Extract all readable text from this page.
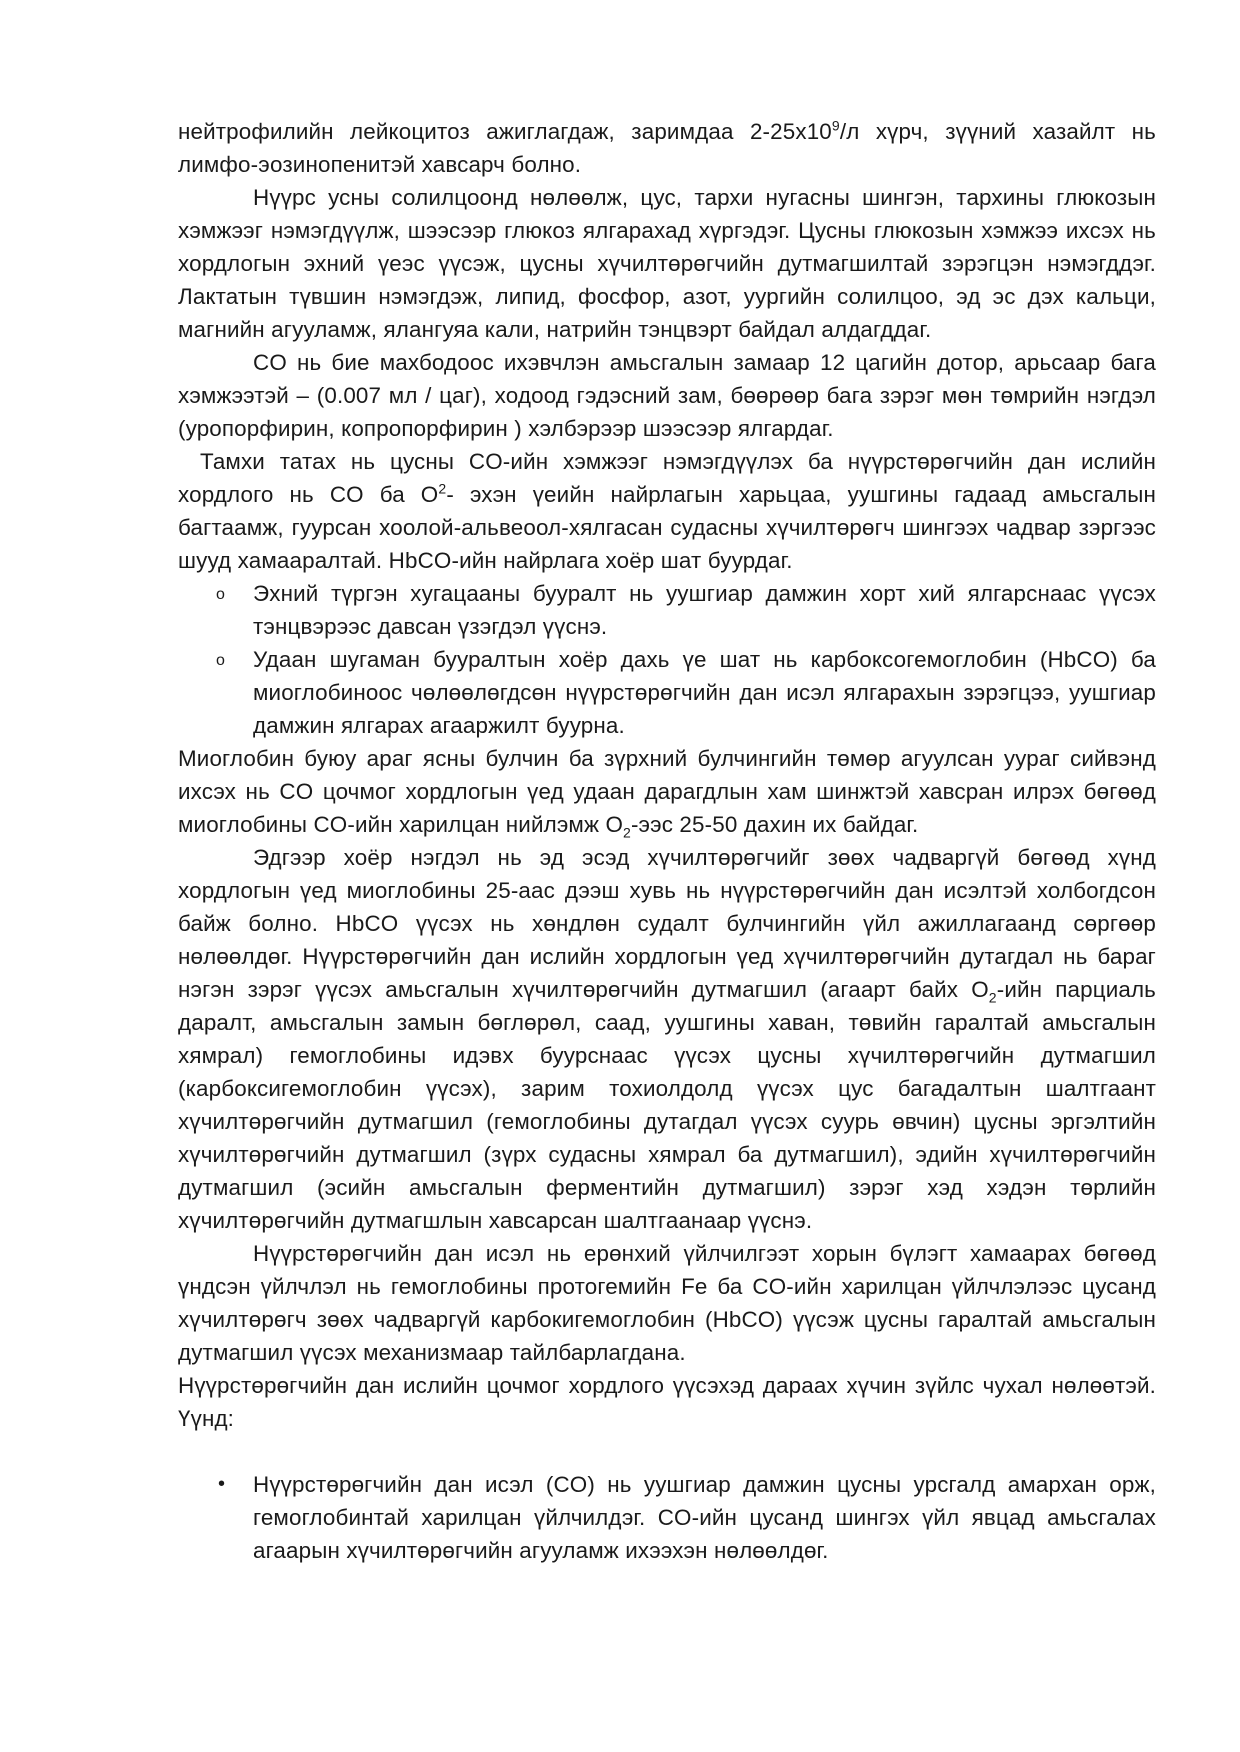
нейтрофилийн лейкоцитоз ажиглагдаж, заримдаа $2-25х10^9/л$ хүрч, зүүний хазайлт нь лимфо-эозинопенитэй хавсарч болно.

Нүүрс усны солилцоонд нөлөөлж, цус, тархи нугасны шингэн, тархины глюкозын хэмжээг нэмэгдүүлж, шээсээр глюкоз ялгарахад хүргэдэг. Цусны глюкозын хэмжээ ихсэх нь хордлогын эхний үеэс үүсэж, цусны хүчилтөрөгчийн дутмагшилтай зэрэгцэн нэмэгддэг. Лактатын түвшин нэмэгдэж, липид, фосфор, азот, уургийн солилцоо, эд эс дэх кальци, магнийн агууламж, ялангуяа кали, натрийн тэнцвэрт байдал алдагддаг.

CO нь бие махбодоос ихэвчлэн амьсгалын замаар 12 цагийн дотор, арьсаар бага хэмжээтэй – (0.007 мл / цаг), ходоод гэдэсний зам, бөөрөөр бага зэрэг мөн төмрийн нэгдэл (уропорфирин, копропорфирин ) хэлбэрээр шээсээр ялгардаг.

Тамхи татах нь цусны CO-ийн хэмжээг нэмэгдүүлэх ба нүүрстөрөгчийн дан ислийн хордлого нь CO ба $O^2-$ эхэн үеийн найрлагын харьцаа, уушгины гадаад амьсгалын багтаамж, гуурсан хоолой-альвеоол-хялгасан судасны хүчилтөрөгч шингээх чадвар зэргээс шууд хамааралтай. HbCO-ийн найрлага хоёр шат буурдаг.

o Эхний түргэн хугацааны бууралт нь уушгиар дамжин хорт хий ялгарснаас үүсэх тэнцвэрээс давсан үзэгдэл үүснэ.
o Удаан шугаман бууралтын хоёр дахь үе шат нь карбоксогемоглобин (HbCO) ба миоглобиноос чөлөөлөгдсөн нүүрстөрөгчийн дан исэл ялгарахын зэрэгцээ, уушгиар дамжин ялгарах агааржилт буурна.

Миоглобин буюу араг ясны булчин ба зүрхний булчингийн төмөр агуулсан уураг сийвэнд ихсэх нь CO цочмог хордлогын үед удаан дарагдлын хам шинжтэй хавсран илрэх бөгөөд миоглобины CO-ийн харилцан нийлэмж $O_2$-ээс 25-50 дахин их байдаг.

Эдгээр хоёр нэгдэл нь эд эсэд хүчилтөрөгчийг зөөх чадваргүй бөгөөд хүнд хордлогын үед миоглобины 25-аас дээш хувь нь нүүрстөрөгчийн дан исэлтэй холбогдсон байж болно. HbCO үүсэх нь хөндлөн судалт булчингийн үйл ажиллагаанд сөргөөр нөлөөлдөг. Нүүрстөрөгчийн дан ислийн хордлогын үед хүчилтөрөгчийн дутагдал нь бараг нэгэн зэрэг үүсэх амьсгалын хүчилтөрөгчийн дутмагшил (агаарт байх $O_2$-ийн парциаль даралт, амьсгалын замын бөглөрөл, саад, уушгины хаван, төвийн гаралтай амьсгалын хямрал) гемоглобины идэвх буурснаас үүсэх цусны хүчилтөрөгчийн дутмагшил (карбоксигемоглобин үүсэх), зарим тохиолдолд үүсэх цус багадалтын шалтгаант хүчилтөрөгчийн дутмагшил (гемоглобины дутагдал үүсэх суурь өвчин) цусны эргэлтийн хүчилтөрөгчийн дутмагшил (зүрх судасны хямрал ба дутмагшил), эдийн хүчилтөрөгчийн дутмагшил (эсийн амьсгалын ферментийн дутмагшил) зэрэг хэд хэдэн төрлийн хүчилтөрөгчийн дутмагшлын хавсарсан шалтгаанаар үүснэ.

Нүүрстөрөгчийн дан исэл нь ерөнхий үйлчилгээт хорын бүлэгт хамаарах бөгөөд үндсэн үйлчлэл нь гемоглобины протогемийн Fe ба CO-ийн харилцан үйлчлэлээс цусанд хүчилтөрөгч зөөх чадваргүй карбокигемоглобин (HbCO) үүсэж цусны гаралтай амьсгалын дутмагшил үүсэх механизмаар тайлбарлагдана.

Нүүрстөрөгчийн дан ислийн цочмог хордлого үүсэхэд дараах хүчин зүйлс чухал нөлөөтэй. Үүнд:

• Нүүрстөрөгчийн дан исэл (CO) нь уушгиар дамжин цусны урсгалд амархан орж, гемоглобинтай харилцан үйлчилдэг. CO-ийн цусанд шингэх үйл явцад амьсгалах агаарын хүчилтөрөгчийн агууламж ихээхэн нөлөөлдөг.
